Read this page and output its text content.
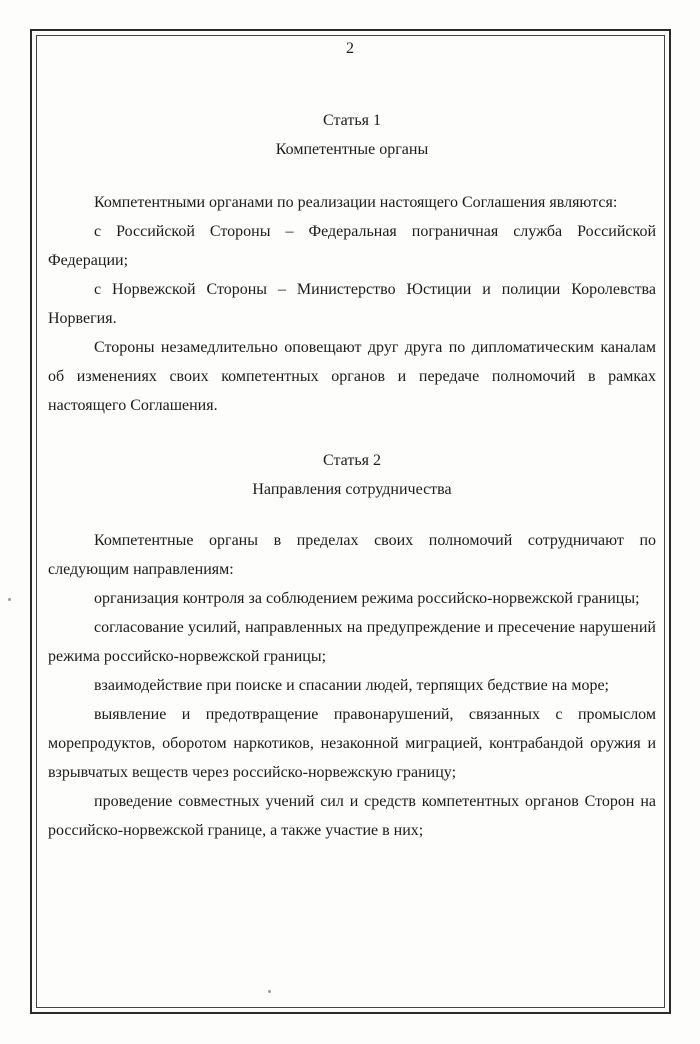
2
Статья 1
Компетентные органы

Компетентными органами по реализации настоящего Соглашения являются:

с Российской Стороны – Федеральная пограничная служба Российской Федерации;

с Норвежской Стороны – Министерство Юстиции и полиции Королевства Норвегия.

Стороны незамедлительно оповещают друг друга по дипломатическим каналам об изменениях своих компетентных органов и передаче полномочий в рамках настоящего Соглашения.

Статья 2
Направления сотрудничества

Компетентные органы в пределах своих полномочий сотрудничают по следующим направлениям:

организация контроля за соблюдением режима российско-норвежской границы;

согласование усилий, направленных на предупреждение и пресечение нарушений режима российско-норвежской границы;

взаимодействие при поиске и спасании людей, терпящих бедствие на море;

выявление и предотвращение правонарушений, связанных с промыслом морепродуктов, оборотом наркотиков, незаконной миграцией, контрабандой оружия и взрывчатых веществ через российско-норвежскую границу;

проведение совместных учений сил и средств компетентных органов Сторон на российско-норвежской границе, а также участие в них;
